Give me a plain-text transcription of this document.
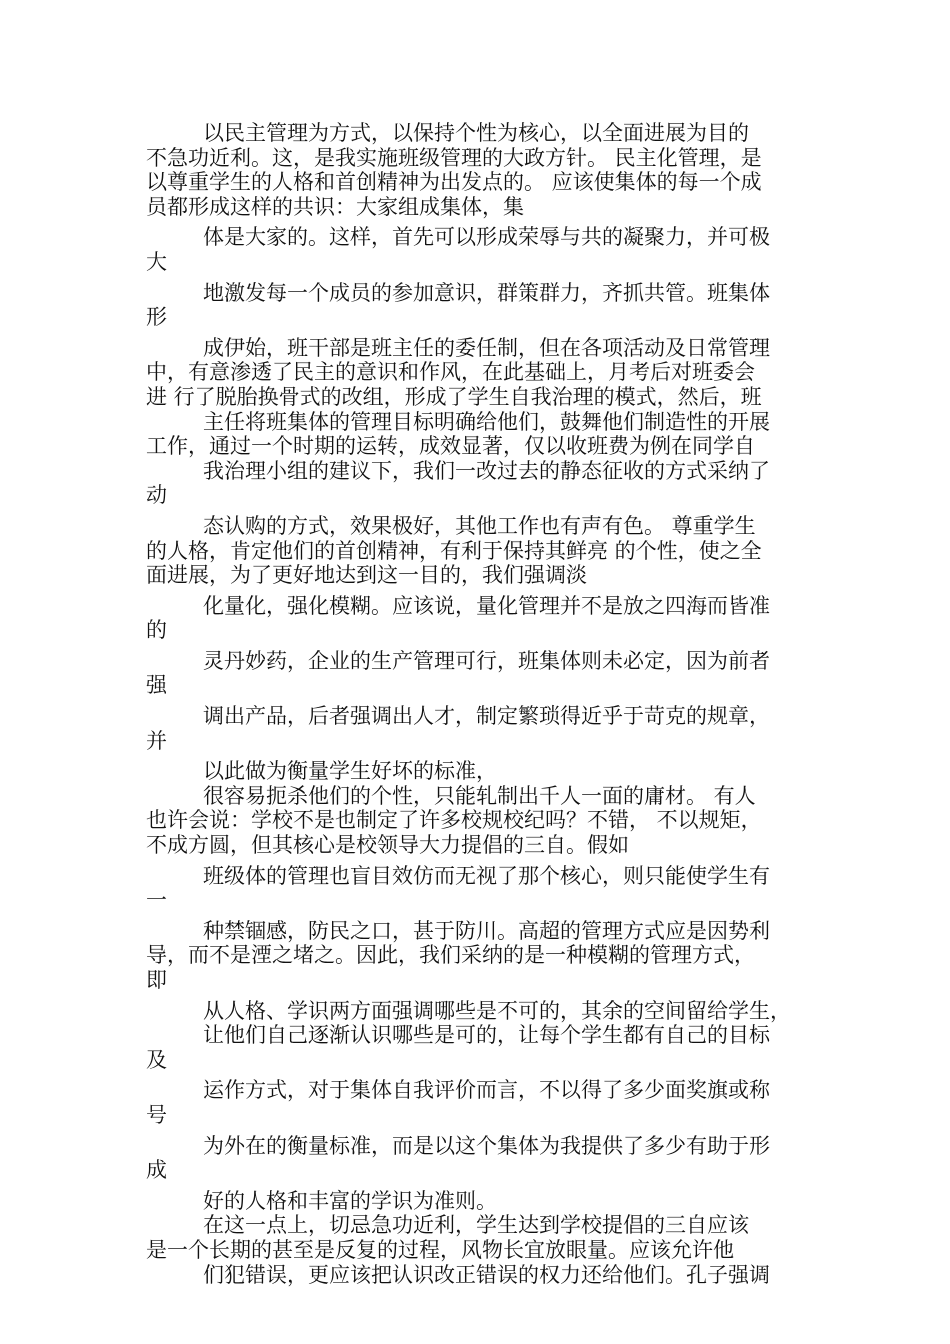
以民主管理为方式，以保持个性为核心，以全面进展为目的
不急功近利。这，是我实施班级管理的大政方针。 民主化管理，是
以尊重学生的人格和首创精神为出发点的。 应该使集体的每一个成
员都形成这样的共识：大家组成集体，集
体是大家的。这样，首先可以形成荣辱与共的凝聚力，并可极
大
地激发每一个成员的参加意识，群策群力，齐抓共管。班集体
形
成伊始，班干部是班主任的委任制，但在各项活动及日常管理
中，有意渗透了民主的意识和作风，在此基础上，月考后对班委会
进 行了脱胎换骨式的改组，形成了学生自我治理的模式，然后，班
主任将班集体的管理目标明确给他们，鼓舞他们制造性的开展
工作，通过一个时期的运转，成效显著，仅以收班费为例在同学自
我治理小组的建议下，我们一改过去的静态征收的方式采纳了
动
态认购的方式，效果极好，其他工作也有声有色。 尊重学生
的人格，肯定他们的首创精神，有利于保持其鲜亮 的个性，使之全
面进展，为了更好地达到这一目的，我们强调淡
化量化，强化模糊。应该说，量化管理并不是放之四海而皆准
的
灵丹妙药，企业的生产管理可行，班集体则未必定，因为前者
强
调出产品，后者强调出人才，制定繁琐得近乎于苛克的规章，
并
以此做为衡量学生好坏的标准，
很容易扼杀他们的个性，只能轧制出千人一面的庸材。 有人
也许会说：学校不是也制定了许多校规校纪吗？不错， 不以规矩，
不成方圆，但其核心是校领导大力提倡的三自。假如
班级体的管理也盲目效仿而无视了那个核心，则只能使学生有
一
种禁锢感，防民之口，甚于防川。高超的管理方式应是因势利
导，而不是湮之堵之。因此，我们采纳的是一种模糊的管理方式，
即
从人格、学识两方面强调哪些是不可的，其余的空间留给学生，
让他们自己逐渐认识哪些是可的，让每个学生都有自己的目标
及
运作方式，对于集体自我评价而言，不以得了多少面奖旗或称
号
为外在的衡量标准，而是以这个集体为我提供了多少有助于形
成
好的人格和丰富的学识为准则。
在这一点上，切忌急功近利，学生达到学校提倡的三自应该
是一个长期的甚至是反复的过程，风物长宜放眼量。应该允许他
们犯错误，更应该把认识改正错误的权力还给他们。孔子强调
